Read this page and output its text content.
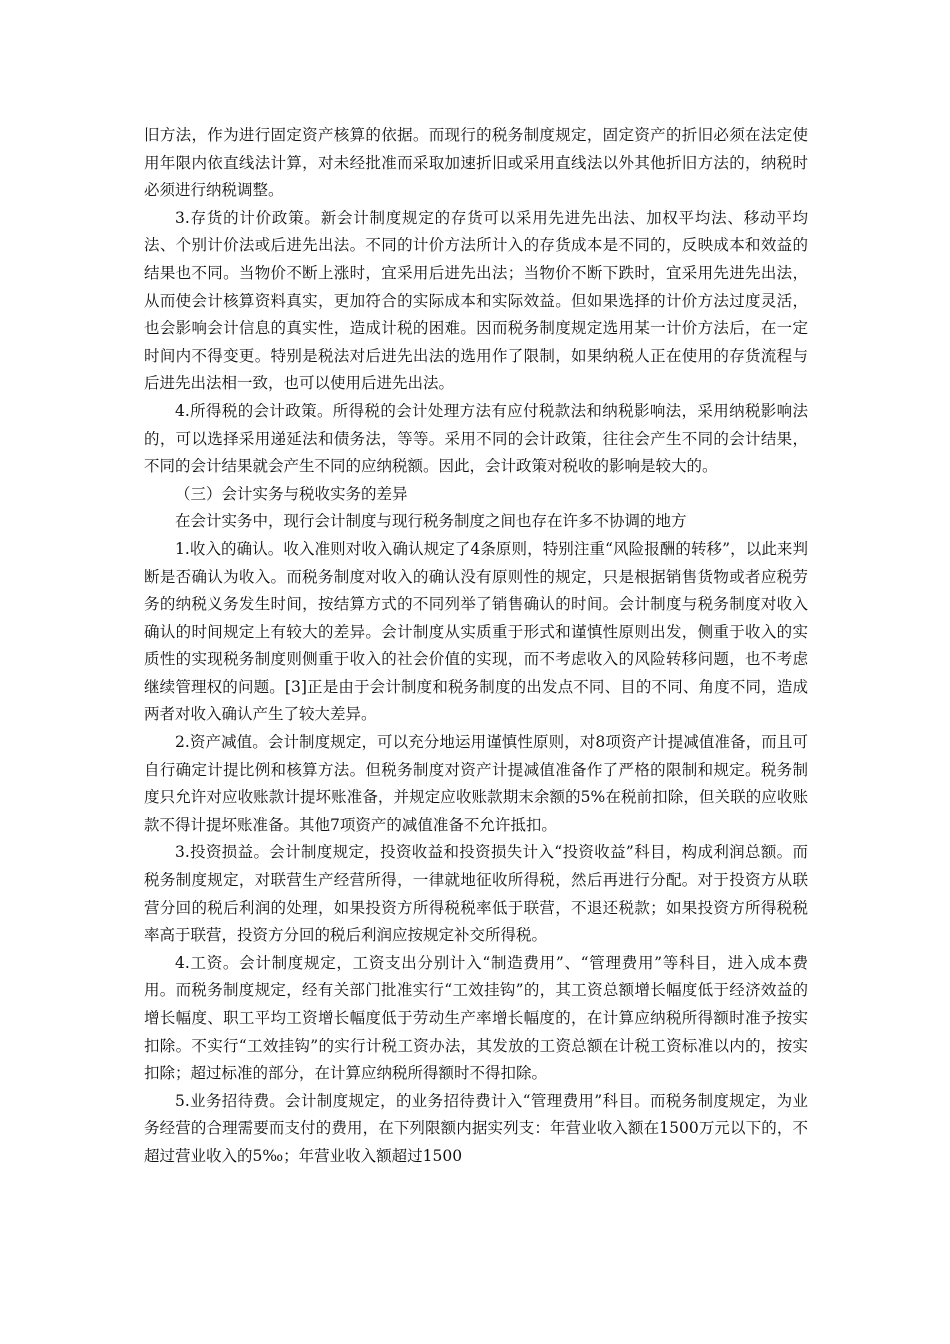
旧方法，作为进行固定资产核算的依据。而现行的税务制度规定，固定资产的折旧必须在法定使用年限内依直线法计算，对未经批准而采取加速折旧或采用直线法以外其他折旧方法的，纳税时必须进行纳税调整。

3.存货的计价政策。新会计制度规定的存货可以采用先进先出法、加权平均法、移动平均法、个别计价法或后进先出法。不同的计价方法所计入的存货成本是不同的，反映成本和效益的结果也不同。当物价不断上涨时，宜采用后进先出法；当物价不断下跌时，宜采用先进先出法，从而使会计核算资料真实，更加符合的实际成本和实际效益。但如果选择的计价方法过度灵活，也会影响会计信息的真实性，造成计税的困难。因而税务制度规定选用某一计价方法后，在一定时间内不得变更。特别是税法对后进先出法的选用作了限制，如果纳税人正在使用的存货流程与后进先出法相一致，也可以使用后进先出法。

4.所得税的会计政策。所得税的会计处理方法有应付税款法和纳税影响法，采用纳税影响法的，可以选择采用递延法和债务法，等等。采用不同的会计政策，往往会产生不同的会计结果，不同的会计结果就会产生不同的应纳税额。因此，会计政策对税收的影响是较大的。

（三）会计实务与税收实务的差异

在会计实务中，现行会计制度与现行税务制度之间也存在许多不协调的地方

1.收入的确认。收入准则对收入确认规定了4条原则，特别注重“风险报酬的转移”，以此来判断是否确认为收入。而税务制度对收入的确认没有原则性的规定，只是根据销售货物或者应税劳务的纳税义务发生时间，按结算方式的不同列举了销售确认的时间。会计制度与税务制度对收入确认的时间规定上有较大的差异。会计制度从实质重于形式和谨慎性原则出发，侧重于收入的实质性的实现税务制度则侧重于收入的社会价值的实现，而不考虑收入的风险转移问题，也不考虑继续管理权的问题。[3]正是由于会计制度和税务制度的出发点不同、目的不同、角度不同，造成两者对收入确认产生了较大差异。

2.资产减值。会计制度规定，可以充分地运用谨慎性原则，对8项资产计提减值准备，而且可自行确定计提比例和核算方法。但税务制度对资产计提减值准备作了严格的限制和规定。税务制度只允许对应收账款计提坏账准备，并规定应收账款期末余额的5%在税前扣除，但关联的应收账款不得计提坏账准备。其他7项资产的减值准备不允许抵扣。

3.投资损益。会计制度规定，投资收益和投资损失计入“投资收益”科目，构成利润总额。而税务制度规定，对联营生产经营所得，一律就地征收所得税，然后再进行分配。对于投资方从联营分回的税后利润的处理，如果投资方所得税税率低于联营，不退还税款；如果投资方所得税税率高于联营，投资方分回的税后利润应按规定补交所得税。

4.工资。会计制度规定，工资支出分别计入“制造费用”、“管理费用”等科目，进入成本费用。而税务制度规定，经有关部门批准实行“工效挂钩”的，其工资总额增长幅度低于经济效益的增长幅度、职工平均工资增长幅度低于劳动生产率增长幅度的，在计算应纳税所得额时准予按实扣除。不实行“工效挂钩”的实行计税工资办法，其发放的工资总额在计税工资标准以内的，按实扣除；超过标准的部分，在计算应纳税所得额时不得扣除。

5.业务招待费。会计制度规定，的业务招待费计入“管理费用”科目。而税务制度规定，为业务经营的合理需要而支付的费用，在下列限额内据实列支：年营业收入额在1500万元以下的，不超过营业收入的5‰；年营业收入额超过1500
